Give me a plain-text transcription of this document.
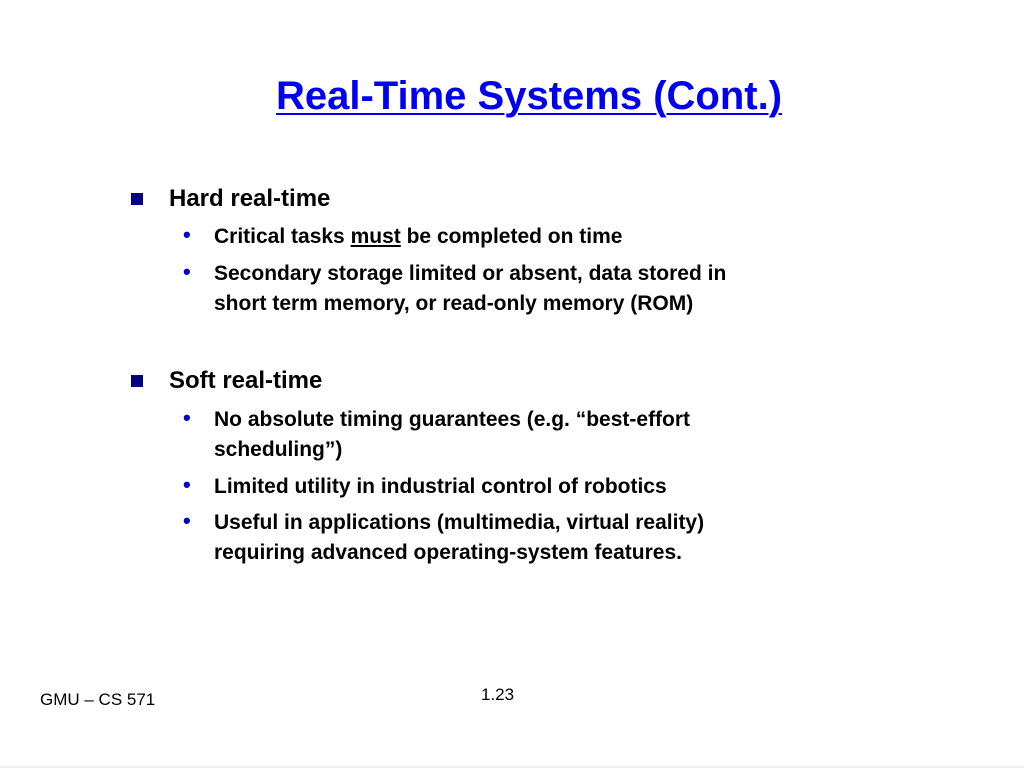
Real-Time Systems (Cont.)
Hard real-time
• Critical tasks must be completed on time
• Secondary storage limited or absent, data stored in
short term memory, or read-only memory (ROM)
Soft real-time
• No absolute timing guarantees (e.g. “best-effort
scheduling”)
• Limited utility in industrial control of robotics
• Useful in applications (multimedia, virtual reality)
requiring advanced operating-system features.
GMU – CS 571	1.23
